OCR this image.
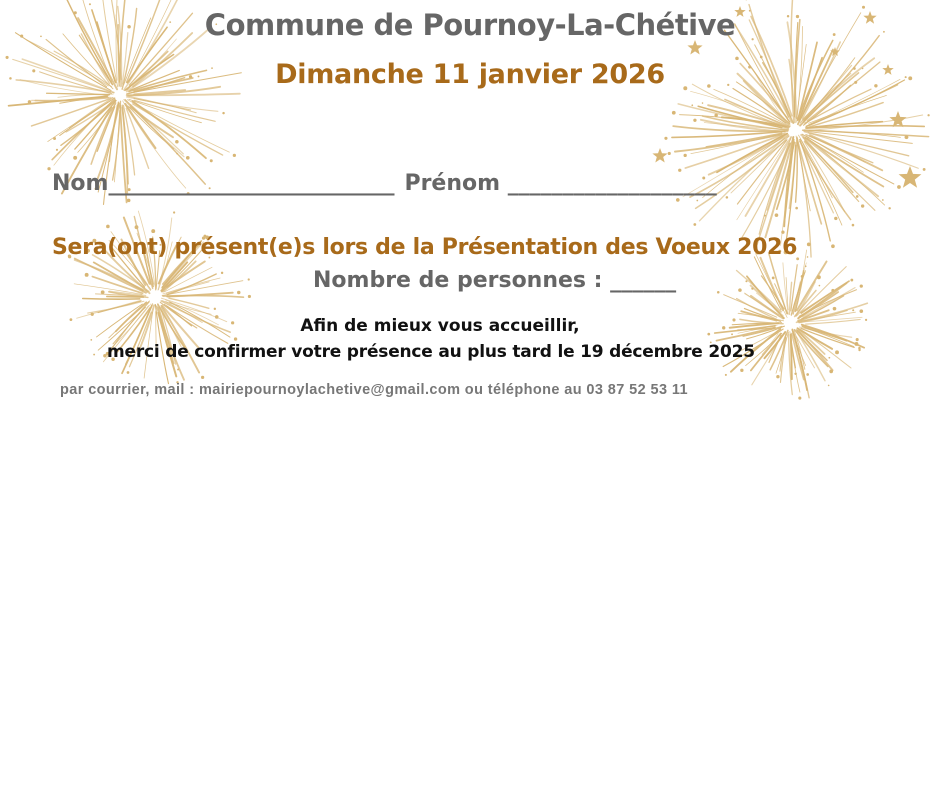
Commune de Pournoy-La-Chétive
Dimanche 11 janvier 2026
Nom__________________________ Prénom ___________________
Sera(ont) présent(e)s lors de la Présentation des Voeux 2026
Nombre de personnes : ______
Afin de mieux vous accueillir,
merci de confirmer votre présence au plus tard le 19 décembre 2025
par courrier, mail : mairiepournoylachetive@gmail.com ou téléphone au 03 87 52 53 11
